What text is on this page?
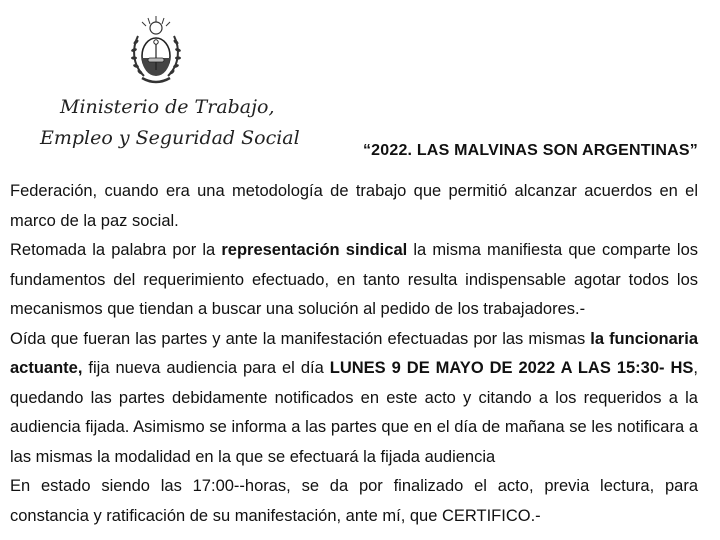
Ministerio de Trabajo,
Empleo y Seguridad Social
“2022. LAS MALVINAS SON ARGENTINAS”

Federación, cuando era una metodología de trabajo que permitió alcanzar acuerdos en el marco de la paz social.

Retomada la palabra por la representación sindical la misma manifiesta que comparte los fundamentos del requerimiento efectuado, en tanto resulta indispensable agotar todos los mecanismos que tiendan a buscar una solución al pedido de los trabajadores.-

Oída que fueran las partes y ante la manifestación efectuadas por las mismas la funcionaria actuante, fija nueva audiencia para el día LUNES 9 DE MAYO DE 2022 A LAS 15:30- HS, quedando las partes debidamente notificados en este acto y citando a los requeridos a la audiencia fijada. Asimismo se informa a las partes que en el día de mañana se les notificara a las mismas la modalidad en la que se efectuará la fijada audiencia

En estado siendo las 17:00--horas, se da por finalizado el acto, previa lectura, para constancia y ratificación de su manifestación, ante mí, que CERTIFICO.-
